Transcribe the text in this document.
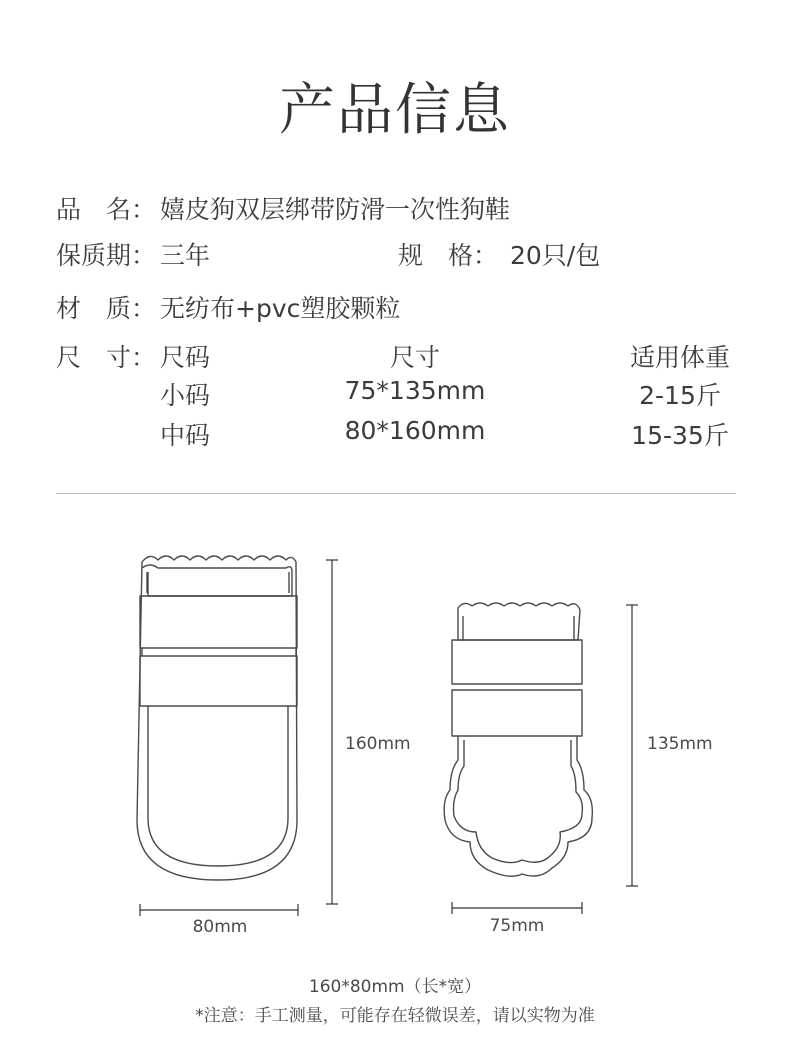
产品信息
品　名： 嬉皮狗双层绑带防滑一次性狗鞋
保质期： 三年	规　格： 20只/包
材　质： 无纺布+pvc塑胶颗粒
尺　寸： 尺码	尺寸	适用体重
小码	75*135mm	2-15斤
中码	80*160mm	15-35斤
160mm	135mm
80mm	75mm
160*80mm（长*宽）
*注意：手工测量，可能存在轻微误差，请以实物为准
